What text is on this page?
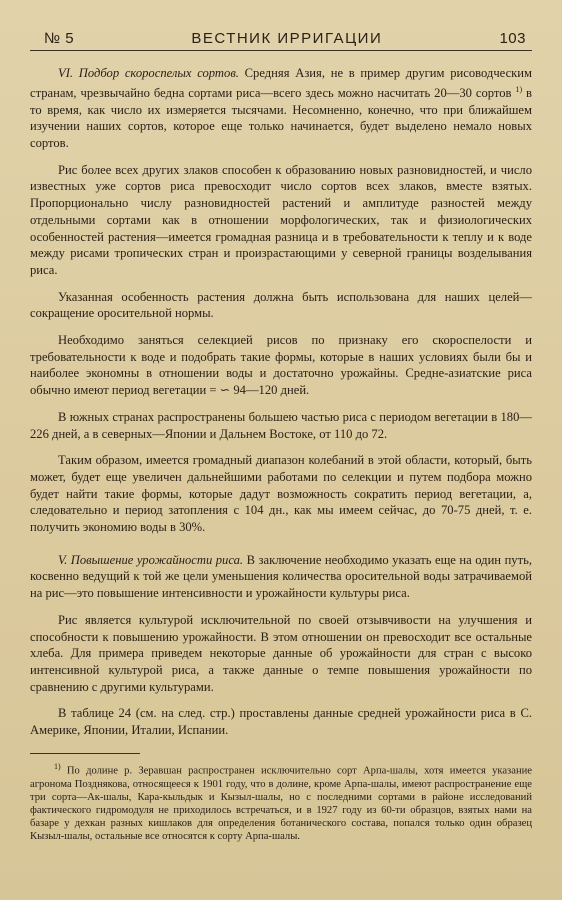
№ 5	ВЕСТНИК ИРРИГАЦИИ	103

VI. Подбор скороспелых сортов. Средняя Азия, не в пример другим рисоводческим странам, чрезвычайно бедна сортами риса—всего здесь можно насчитать 20—30 сортов $^{1)}$ в то время, как число их измеряется тысячами. Несомненно, конечно, что при ближайшем изучении наших сортов, которое еще только начинается, будет выделено немало новых сортов.

Рис более всех других злаков способен к образованию новых разновидностей, и число известных уже сортов риса превосходит число сортов всех злаков, вместе взятых. Пропорционально числу разновидностей растений и амплитуде разностей между отдельными сортами как в отношении морфологических, так и физиологических особенностей растения—имеется громадная разница и в требовательности к теплу и к воде между рисами тропических стран и произрастающими у северной границы возделывания риса.

Указанная особенность растения должна быть использована для наших целей—сокращение оросительной нормы.

Необходимо заняться селекцией рисов по признаку его скороспелости и требовательности к воде и подобрать такие формы, которые в наших условиях были бы и наиболее экономны в отношении воды и достаточно урожайны. Средне-азиатские риса обычно имеют период вегетации = ∽ 94—120 дней.

В южных странах распространены большею частью риса с периодом вегетации в 180—226 дней, а в северных—Японии и Дальнем Востоке, от 110 до 72.

Таким образом, имеется громадный диапазон колебаний в этой области, который, быть может, будет еще увеличен дальнейшими работами по селекции и путем подбора можно будет найти такие формы, которые дадут возможность сократить период вегетации, а, следовательно и период затопления с 104 дн., как мы имеем сейчас, до 70-75 дней, т. е. получить экономию воды в 30%.

V. Повышение урожайности риса. В заключение необходимо указать еще на один путь, косвенно ведущий к той же цели уменьшения количества оросительной воды затрачиваемой на рис—это повышение интенсивности и урожайности культуры риса.

Рис является культурой исключительной по своей отзывчивости на улучшения и способности к повышению урожайности. В этом отношении он превосходит все остальные хлеба. Для примера приведем некоторые данные об урожайности для стран с высоко интенсивной культурой риса, а также данные о темпе повышения урожайности по сравнению с другими культурами.

В таблице 24 (см. на след. стр.) проставлены данные средней урожайности риса в С. Америке, Японии, Италии, Испании.

$^{1)}$ По долине р. Зеравшан распространен исключительно сорт Арпа-шалы, хотя имеется указание агронома Позднякова, относящееся к 1901 году, что в долине, кроме Арпа-шалы, имеют распространение еще три сорта—Ак-шалы, Кара-кыльдык и Кызыл-шалы, но с последними сортами в районе исследований фактического гидромодуля не приходилось встречаться, и в 1927 году из 60-ти образцов, взятых нами на базаре у дехкан разных кишлаков для определения ботанического состава, попался только один образец Кызыл-шалы, остальные все относятся к сорту Арпа-шалы.
